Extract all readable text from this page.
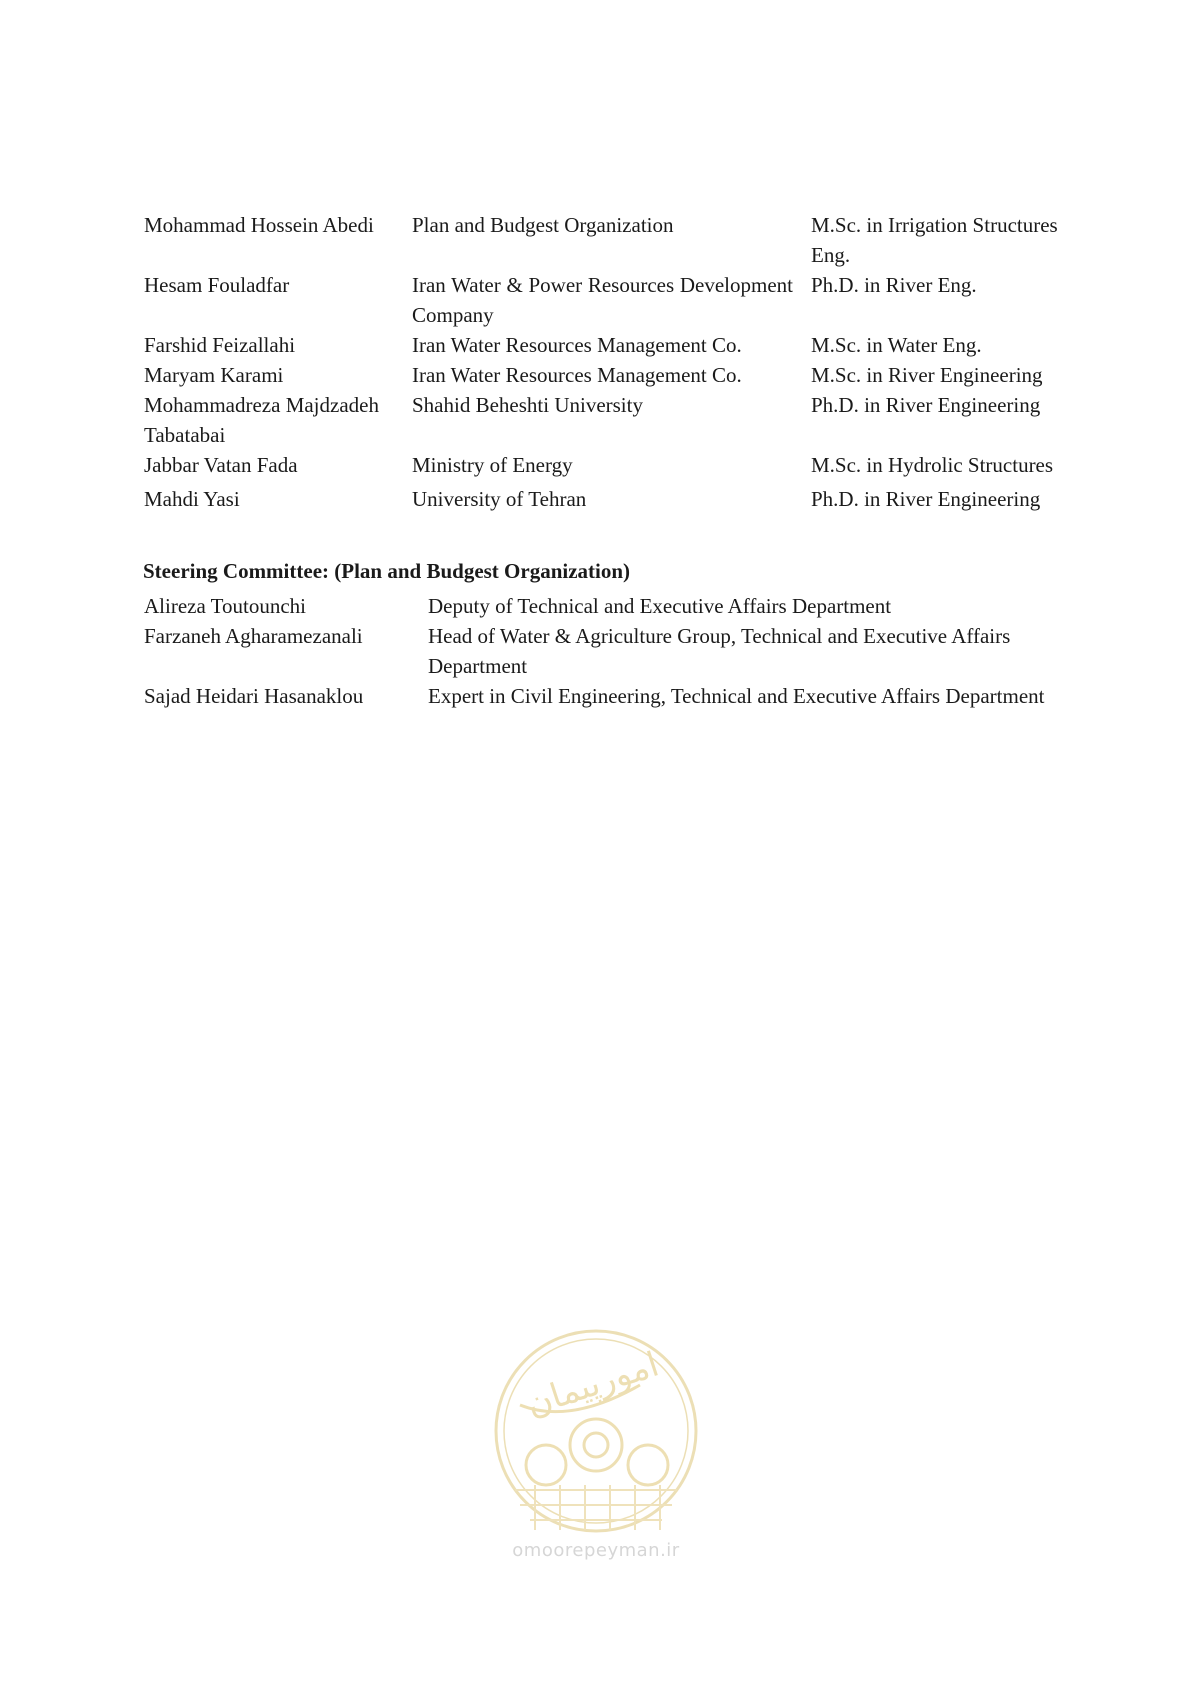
Mohammad Hossein Abedi	Plan and Budgest Organization	M.Sc. in Irrigation Structures Eng.
Hesam Fouladfar	Iran Water & Power Resources Development Company	Ph.D. in River Eng.
Farshid Feizallahi	Iran Water Resources Management Co.	M.Sc. in Water Eng.
Maryam Karami	Iran Water Resources Management Co.	M.Sc. in River Engineering
Mohammadreza Majdzadeh Tabatabai	Shahid Beheshti University	Ph.D. in River Engineering
Jabbar Vatan Fada	Ministry of Energy	M.Sc. in Hydrolic Structures
Mahdi Yasi	University of Tehran	Ph.D. in River Engineering
Steering Committee: (Plan and Budgest Organization)
Alireza Toutounchi	Deputy of Technical and Executive Affairs Department
Farzaneh Agharamezanali	Head of Water & Agriculture Group, Technical and Executive Affairs Department
Sajad Heidari Hasanaklou	Expert in Civil Engineering, Technical and Executive Affairs Department
امورپیمان
omoorepeyman.ir
